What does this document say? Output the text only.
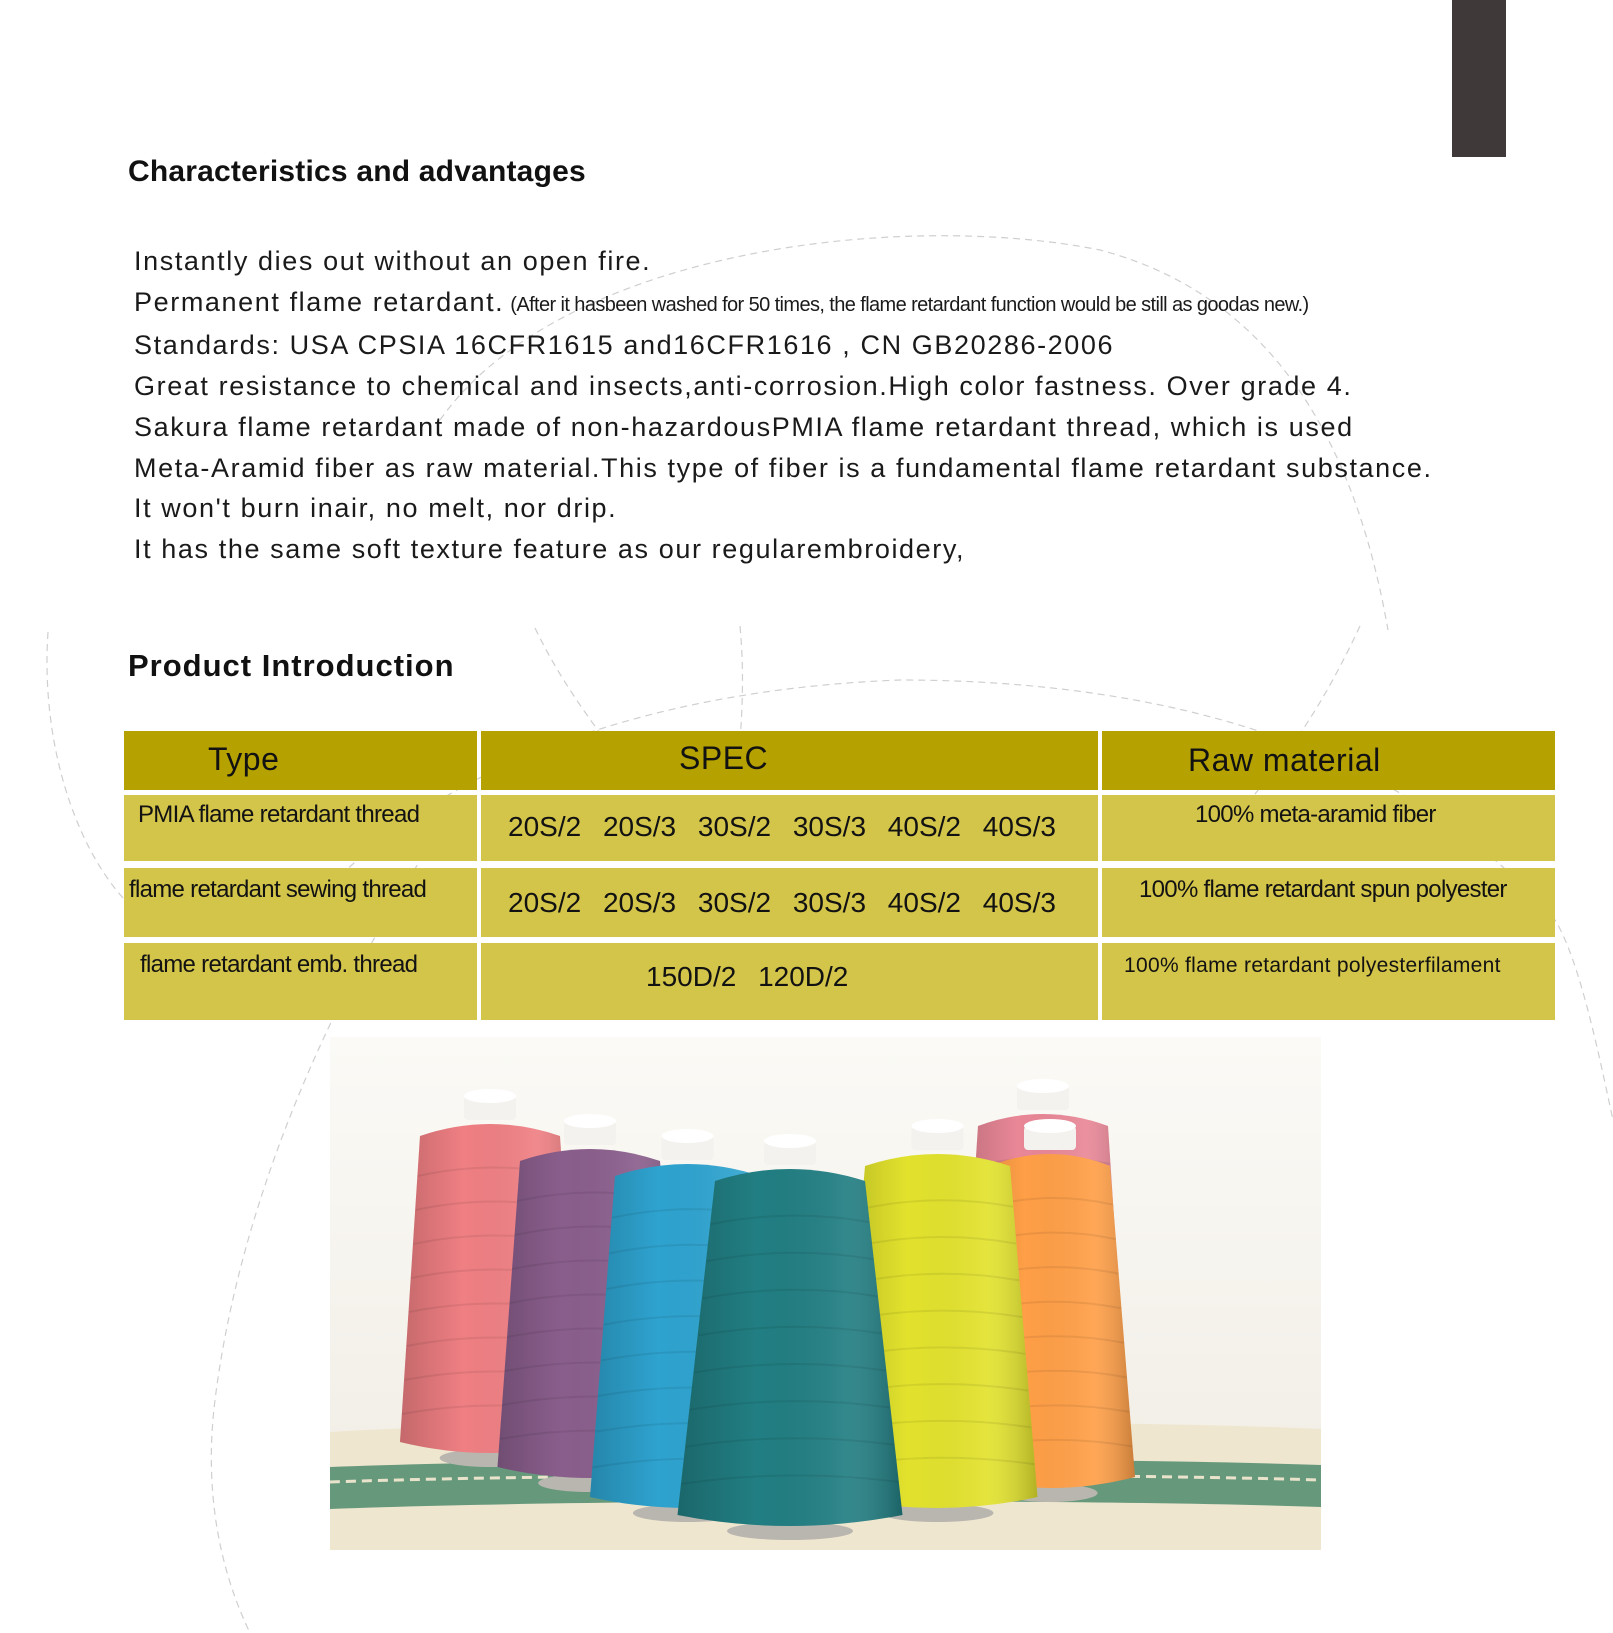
Characteristics and advantages
Instantly dies out without an open fire.
Permanent flame retardant. (After it hasbeen washed for 50 times, the flame retardant function would be still as goodas new.)
Standards: USA CPSIA 16CFR1615 and16CFR1616 , CN GB20286-2006
Great resistance to chemical and insects,anti-corrosion.High color fastness. Over grade 4.
Sakura flame retardant made of non-hazardousPMIA flame retardant thread, which is used
Meta-Aramid fiber as raw material.This type of fiber is a fundamental flame retardant substance.
It won't burn inair, no melt, nor drip.
It has the same soft texture feature as our regularembroidery,
Product Introduction
Type	SPEC	Raw material
PMIA flame retardant thread	20S/2 20S/3 30S/2 30S/3 40S/2 40S/3	100% meta-aramid fiber
flame retardant sewing thread	20S/2 20S/3 30S/2 30S/3 40S/2 40S/3	100% flame retardant spun polyester
flame retardant emb. thread	150D/2 120D/2	100% flame retardant polyesterfilament
